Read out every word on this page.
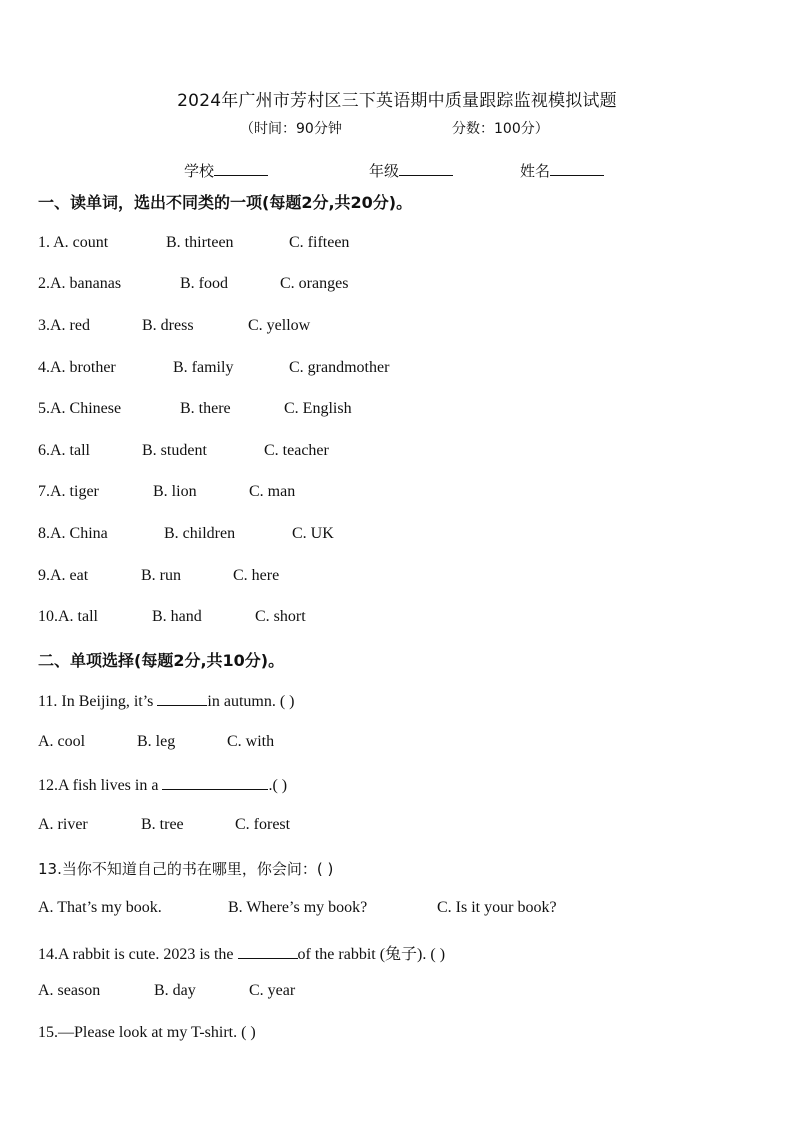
2024年广州市芳村区三下英语期中质量跟踪监视模拟试题
（时间：90分钟	分数：100分）
学校	年级	姓名
一、读单词，选出不同类的一项(每题2分,共20分)。
1. A. count	B. thirteen	C. fifteen
2.A. bananas	B. food	C. oranges
3.A. red	B. dress	C. yellow
4.A. brother	B. family	C. grandmother
5.A. Chinese	B. there	C. English
6.A. tall	B. student	C. teacher
7.A. tiger	B. lion	C. man
8.A. China	B. children	C. UK
9.A. eat	B. run	C. here
10.A. tall	B. hand	C. short
二、单项选择(每题2分,共10分)。
11. In Beijing, it’s	in autumn. ( )
A. cool	B. leg	C. with
12.A fish lives in a	.( )
A. river	B. tree	C. forest
13.当你不知道自己的书在哪里，你会问：( )
A. That’s my book.	B. Where’s my book?	C. Is it your book?
14.A rabbit is cute. 2023 is the	of the rabbit (兔子). ( )
A. season	B. day	C. year
15.—Please look at my T-shirt. ( )
